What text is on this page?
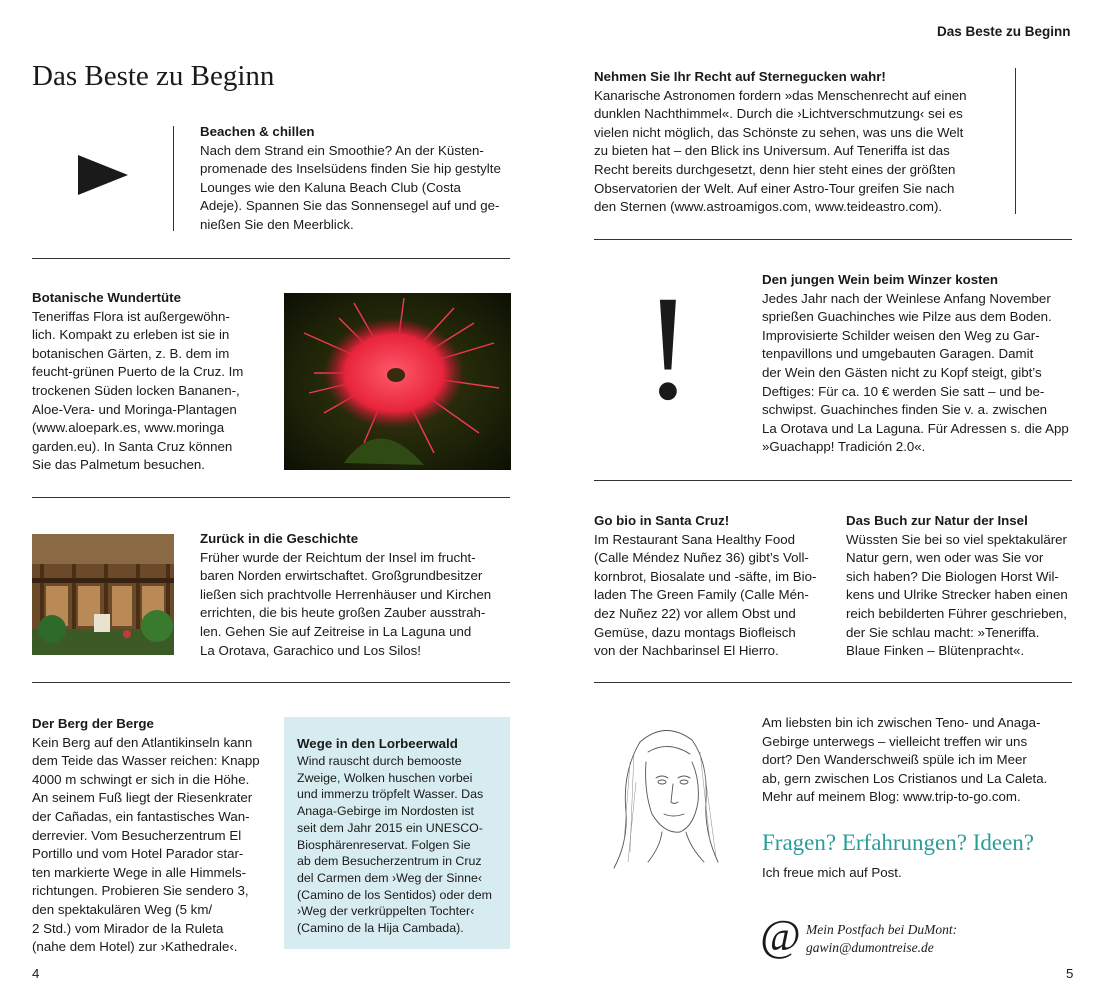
Das Beste zu Beginn
4	5
Das Beste zu Beginn
Beachen & chillen

Nach dem Strand ein Smoothie? An der Küsten-

promenade des Inselsüdens finden Sie hip gestylte

Lounges wie den Kaluna Beach Club (Costa

Adeje). Spannen Sie das Sonnensegel auf und ge-

nießen Sie den Meerblick.

Botanische Wundertüte

Teneriffas Flora ist außergewöhn-

lich. Kompakt zu erleben ist sie in

botanischen Gärten, z. B. dem im

feucht-grünen Puerto de la Cruz. Im

trockenen Süden locken Bananen-,

Aloe-Vera- und Moringa-Plantagen

(www.aloepark.es, www.moringa

garden.eu). In Santa Cruz können

Sie das Palmetum besuchen.

Zurück in die Geschichte

Früher wurde der Reichtum der Insel im frucht-

baren Norden erwirtschaftet. Großgrundbesitzer

ließen sich prachtvolle Herrenhäuser und Kirchen

errichten, die bis heute großen Zauber ausstrah-

len. Gehen Sie auf Zeitreise in La Laguna und

La Orotava, Garachico und Los Silos!

Der Berg der Berge

Kein Berg auf den Atlantikinseln kann

dem Teide das Wasser reichen: Knapp

4000 m schwingt er sich in die Höhe.

An seinem Fuß liegt der Riesenkrater

der Cañadas, ein fantastisches Wan-

derrevier. Vom Besucherzentrum El

Portillo und vom Hotel Parador star-

ten markierte Wege in alle Himmels-

richtungen. Probieren Sie sendero 3,

den spektakulären Weg (5 km/

2 Std.) vom Mirador de la Ruleta

(nahe dem Hotel) zur ›Kathedrale‹.

Wege in den Lorbeerwald

Wind rauscht durch bemooste

Zweige, Wolken huschen vorbei

und immerzu tröpfelt Wasser. Das

Anaga-Gebirge im Nordosten ist

seit dem Jahr 2015 ein UNESCO-

Biosphärenreservat. Folgen Sie

ab dem Besucherzentrum in Cruz

del Carmen dem ›Weg der Sinne‹

(Camino de los Sentidos) oder dem

›Weg der verkrüppelten Tochter‹

(Camino de la Hija Cambada).

Nehmen Sie Ihr Recht auf Sternegucken wahr!

Kanarische Astronomen fordern »das Menschenrecht auf einen

dunklen Nachthimmel«. Durch die ›Lichtverschmutzung‹ sei es

vielen nicht möglich, das Schönste zu sehen, was uns die Welt

zu bieten hat – den Blick ins Universum. Auf Teneriffa ist das

Recht bereits durchgesetzt, denn hier steht eines der größten

Observatorien der Welt. Auf einer Astro-Tour greifen Sie nach

den Sternen (www.astroamigos.com, www.teideastro.com).

!	Den jungen Wein beim Winzer kosten

Jedes Jahr nach der Weinlese Anfang November

sprießen Guachinches wie Pilze aus dem Boden.

Improvisierte Schilder weisen den Weg zu Gar-

tenpavillons und umgebauten Garagen. Damit

der Wein den Gästen nicht zu Kopf steigt, gibt’s

Deftiges: Für ca. 10 € werden Sie satt – und be-

schwipst. Guachinches finden Sie v. a. zwischen

La Orotava und La Laguna. Für Adressen s. die App

»Guachapp! Tradición 2.0«.

Go bio in Santa Cruz!

Im Restaurant Sana Healthy Food

(Calle Méndez Nuñez 36) gibt’s Voll-

kornbrot, Biosalate und -säfte, im Bio-

laden The Green Family (Calle Mén-

dez Nuñez 22) vor allem Obst und

Gemüse, dazu montags Biofleisch

von der Nachbarinsel El Hierro.

Das Buch zur Natur der Insel

Wüssten Sie bei so viel spektakulärer

Natur gern, wen oder was Sie vor

sich haben? Die Biologen Horst Wil-

kens und Ulrike Strecker haben einen

reich bebilderten Führer geschrieben,

der Sie schlau macht: »Teneriffa.

Blaue Finken – Blütenpracht«.

Am liebsten bin ich zwischen Teno- und Anaga-

Gebirge unterwegs – vielleicht treffen wir uns

dort? Den Wanderschweiß spüle ich im Meer

ab, gern zwischen Los Cristianos und La Caleta.

Mehr auf meinem Blog: www.trip-to-go.com.

Fragen? Erfahrungen? Ideen?
Ich freue mich auf Post.
@ Mein Postfach bei DuMont:
gawin@dumontreise.de
